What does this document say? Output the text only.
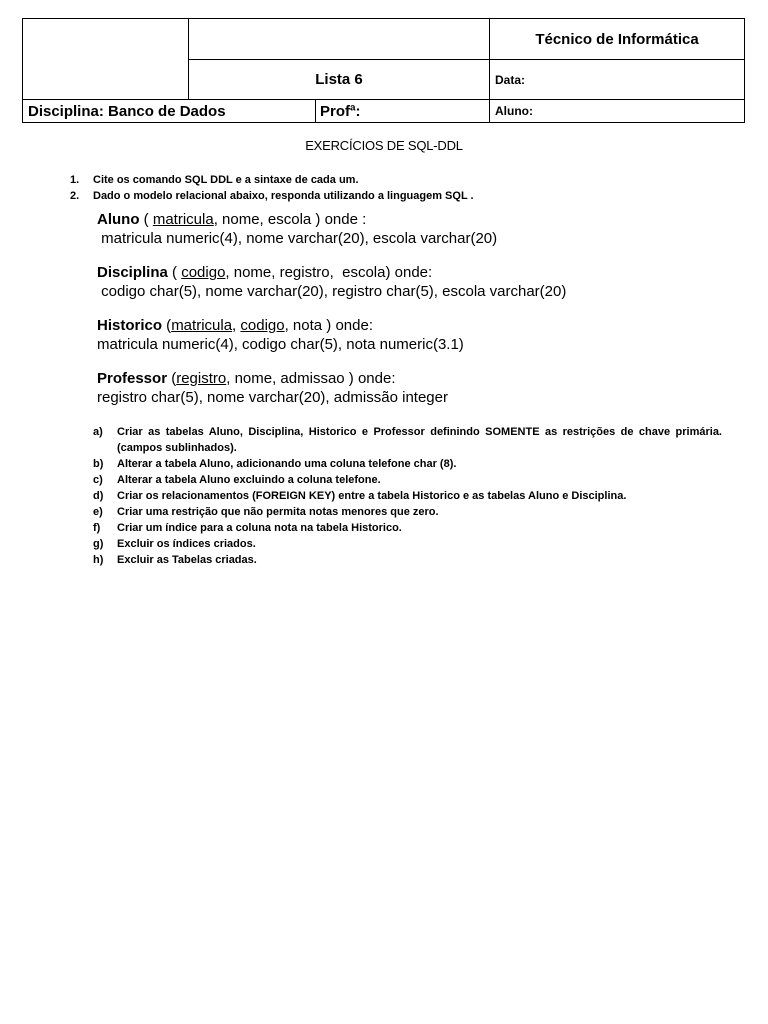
Técnico de Informática
Lista 6	Data:
Disciplina: Banco de Dados	Profª:	Aluno:
EXERCÍCIOS DE SQL-DDL
1. Cite os comando SQL DDL e a sintaxe de cada um.
2. Dado o modelo relacional abaixo, responda utilizando a linguagem SQL .
Aluno ( matricula, nome, escola ) onde :
matricula numeric(4), nome varchar(20), escola varchar(20)
Disciplina ( codigo, nome, registro,  escola) onde:
codigo char(5), nome varchar(20), registro char(5), escola varchar(20)
Historico (matricula, codigo, nota ) onde:
matricula numeric(4), codigo char(5), nota numeric(3.1)
Professor (registro, nome, admissao ) onde:
registro char(5), nome varchar(20), admissão integer
a)	Criar as tabelas Aluno, Disciplina, Historico e Professor definindo SOMENTE as restrições de chave primária. (campos sublinhados).
b)	Alterar a tabela Aluno, adicionando uma coluna telefone char (8).
c)	Alterar a tabela Aluno excluindo a coluna telefone.
d)	Criar os relacionamentos (FOREIGN KEY) entre a tabela Historico e as tabelas Aluno e Disciplina.
e)	Criar uma restrição que não permita notas menores que zero.
f)	Criar um índice para a coluna nota na tabela Historico.
g)	Excluir os índices criados.
h)	Excluir as Tabelas criadas.
